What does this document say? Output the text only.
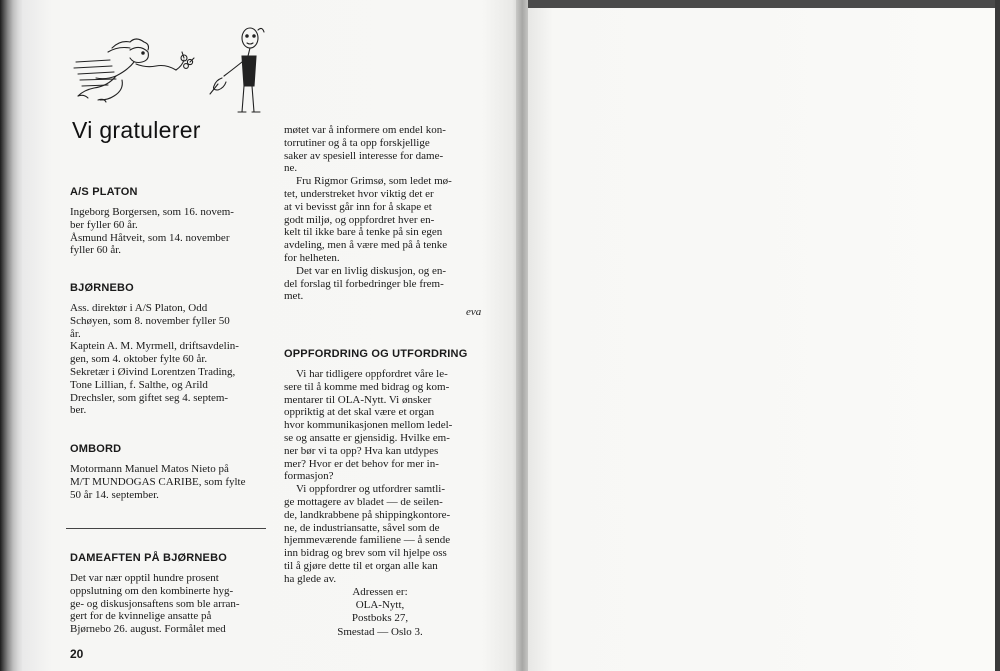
Vi gratulerer
A/S PLATON
Ingeborg Borgersen, som 16. novem-
ber fyller 60 år.
Åsmund Håtveit, som 14. november
fyller 60 år.
BJØRNEBO
Ass. direktør i A/S Platon, Odd
Schøyen, som 8. november fyller 50
år.
Kaptein A. M. Myrmell, driftsavdelin-
gen, som 4. oktober fylte 60 år.
Sekretær i Øivind Lorentzen Trading,
Tone Lillian, f. Salthe, og Arild
Drechsler, som giftet seg 4. septem-
ber.
OMBORD
Motormann Manuel Matos Nieto på
M/T MUNDOGAS CARIBE, som fylte
50 år 14. september.
DAMEAFTEN PÅ BJØRNEBO
Det var nær opptil hundre prosent
oppslutning om den kombinerte hyg-
ge- og diskusjonsaftens som ble arran-
gert for de kvinnelige ansatte på
Bjørnebo 26. august. Formålet med
20
møtet var å informere om endel kon-
torrutiner og å ta opp forskjellige
saker av spesiell interesse for dame-
ne.
Fru Rigmor Grimsø, som ledet mø-
tet, understreket hvor viktig det er
at vi bevisst går inn for å skape et
godt miljø, og oppfordret hver en-
kelt til ikke bare å tenke på sin egen
avdeling, men å være med på å tenke
for helheten.
Det var en livlig diskusjon, og en-
del forslag til forbedringer ble frem-
met.
eva
OPPFORDRING OG UTFORDRING
Vi har tidligere oppfordret våre le-
sere til å komme med bidrag og kom-
mentarer til OLA-Nytt. Vi ønsker
oppriktig at det skal være et organ
hvor kommunikasjonen mellom ledel-
se og ansatte er gjensidig. Hvilke em-
ner bør vi ta opp? Hva kan utdypes
mer? Hvor er det behov for mer in-
formasjon?
Vi oppfordrer og utfordrer samtli-
ge mottagere av bladet — de seilen-
de, landkrabbene på shippingkontore-
ne, de industriansatte, såvel som de
hjemmeværende familiene — å sende
inn bidrag og brev som vil hjelpe oss
til å gjøre dette til et organ alle kan
ha glede av.
Adressen er:
OLA-Nytt,
Postboks 27,
Smestad — Oslo 3.
